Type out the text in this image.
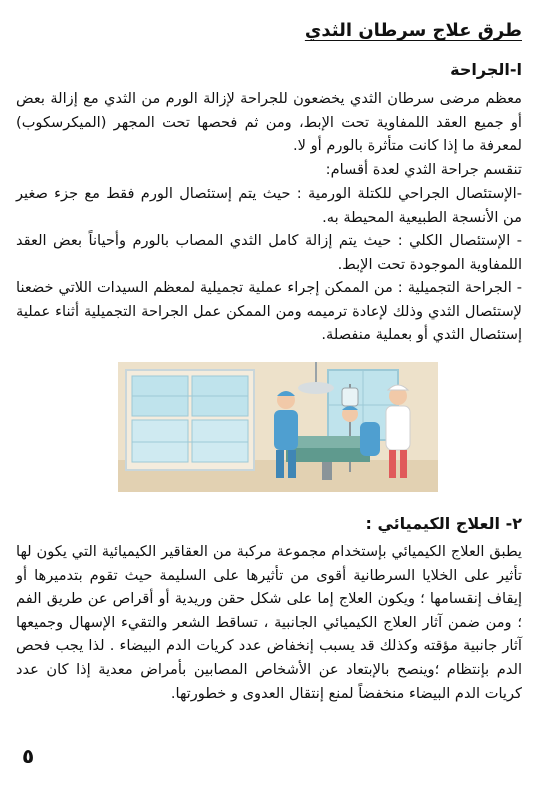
طرق علاج سرطان الثدي
ا-الجراحة

معظم مرضى سرطان الثدي يخضعون للجراحة لإزالة الورم من الثدي مع إزالة بعض أو جميع العقد اللمفاوية تحت الإبط، ومن ثم فحصها تحت المجهر (الميكرسكوب) لمعرفة ما إذا كانت متأثرة بالورم أو لا.

تنقسم جراحة الثدي لعدة أقسام:

-الإستئصال الجراحي للكتلة الورمية : حيث يتم إستئصال الورم فقط مع جزء صغير من الأنسجة الطبيعية المحيطة به.

- الإستئصال الكلي : حيث يتم إزالة كامل الثدي المصاب بالورم وأحياناً بعض العقد اللمفاوية الموجودة تحت الإبط.

- الجراحة التجميلية : من الممكن إجراء عملية تجميلية لمعظم السيدات اللاتي خضعنا لإستئصال الثدي وذلك لإعادة ترميمه ومن الممكن عمل الجراحة التجميلية أثناء عملية إستئصال الثدي أو بعملية منفصلة.

٢- العلاج الكيميائي :

يطبق العلاج الكيميائي بإستخدام مجموعة مركبة من العقاقير الكيميائية التي يكون لها تأثير على الخلايا السرطانية أقوى من تأثيرها على السليمة حيث تقوم بتدميرها أو إيقاف إنقسامها ؛ ويكون العلاج إما على شكل حقن وريدية أو أقراص عن طريق الفم ؛ ومن ضمن آثار العلاج الكيميائي الجانبية ، تساقط الشعر والتقيء الإسهال وجميعها آثار جانبية مؤقته وكذلك قد يسبب إنخفاض عدد كريات الدم البيضاء . لذا يجب فحص الدم بإنتظام ؛وينصح بالإبتعاد عن الأشخاص المصابين بأمراض معدية إذا كان عدد كريات الدم البيضاء منخفضاً لمنع إنتقال العدوى و خطورتها.

٥
